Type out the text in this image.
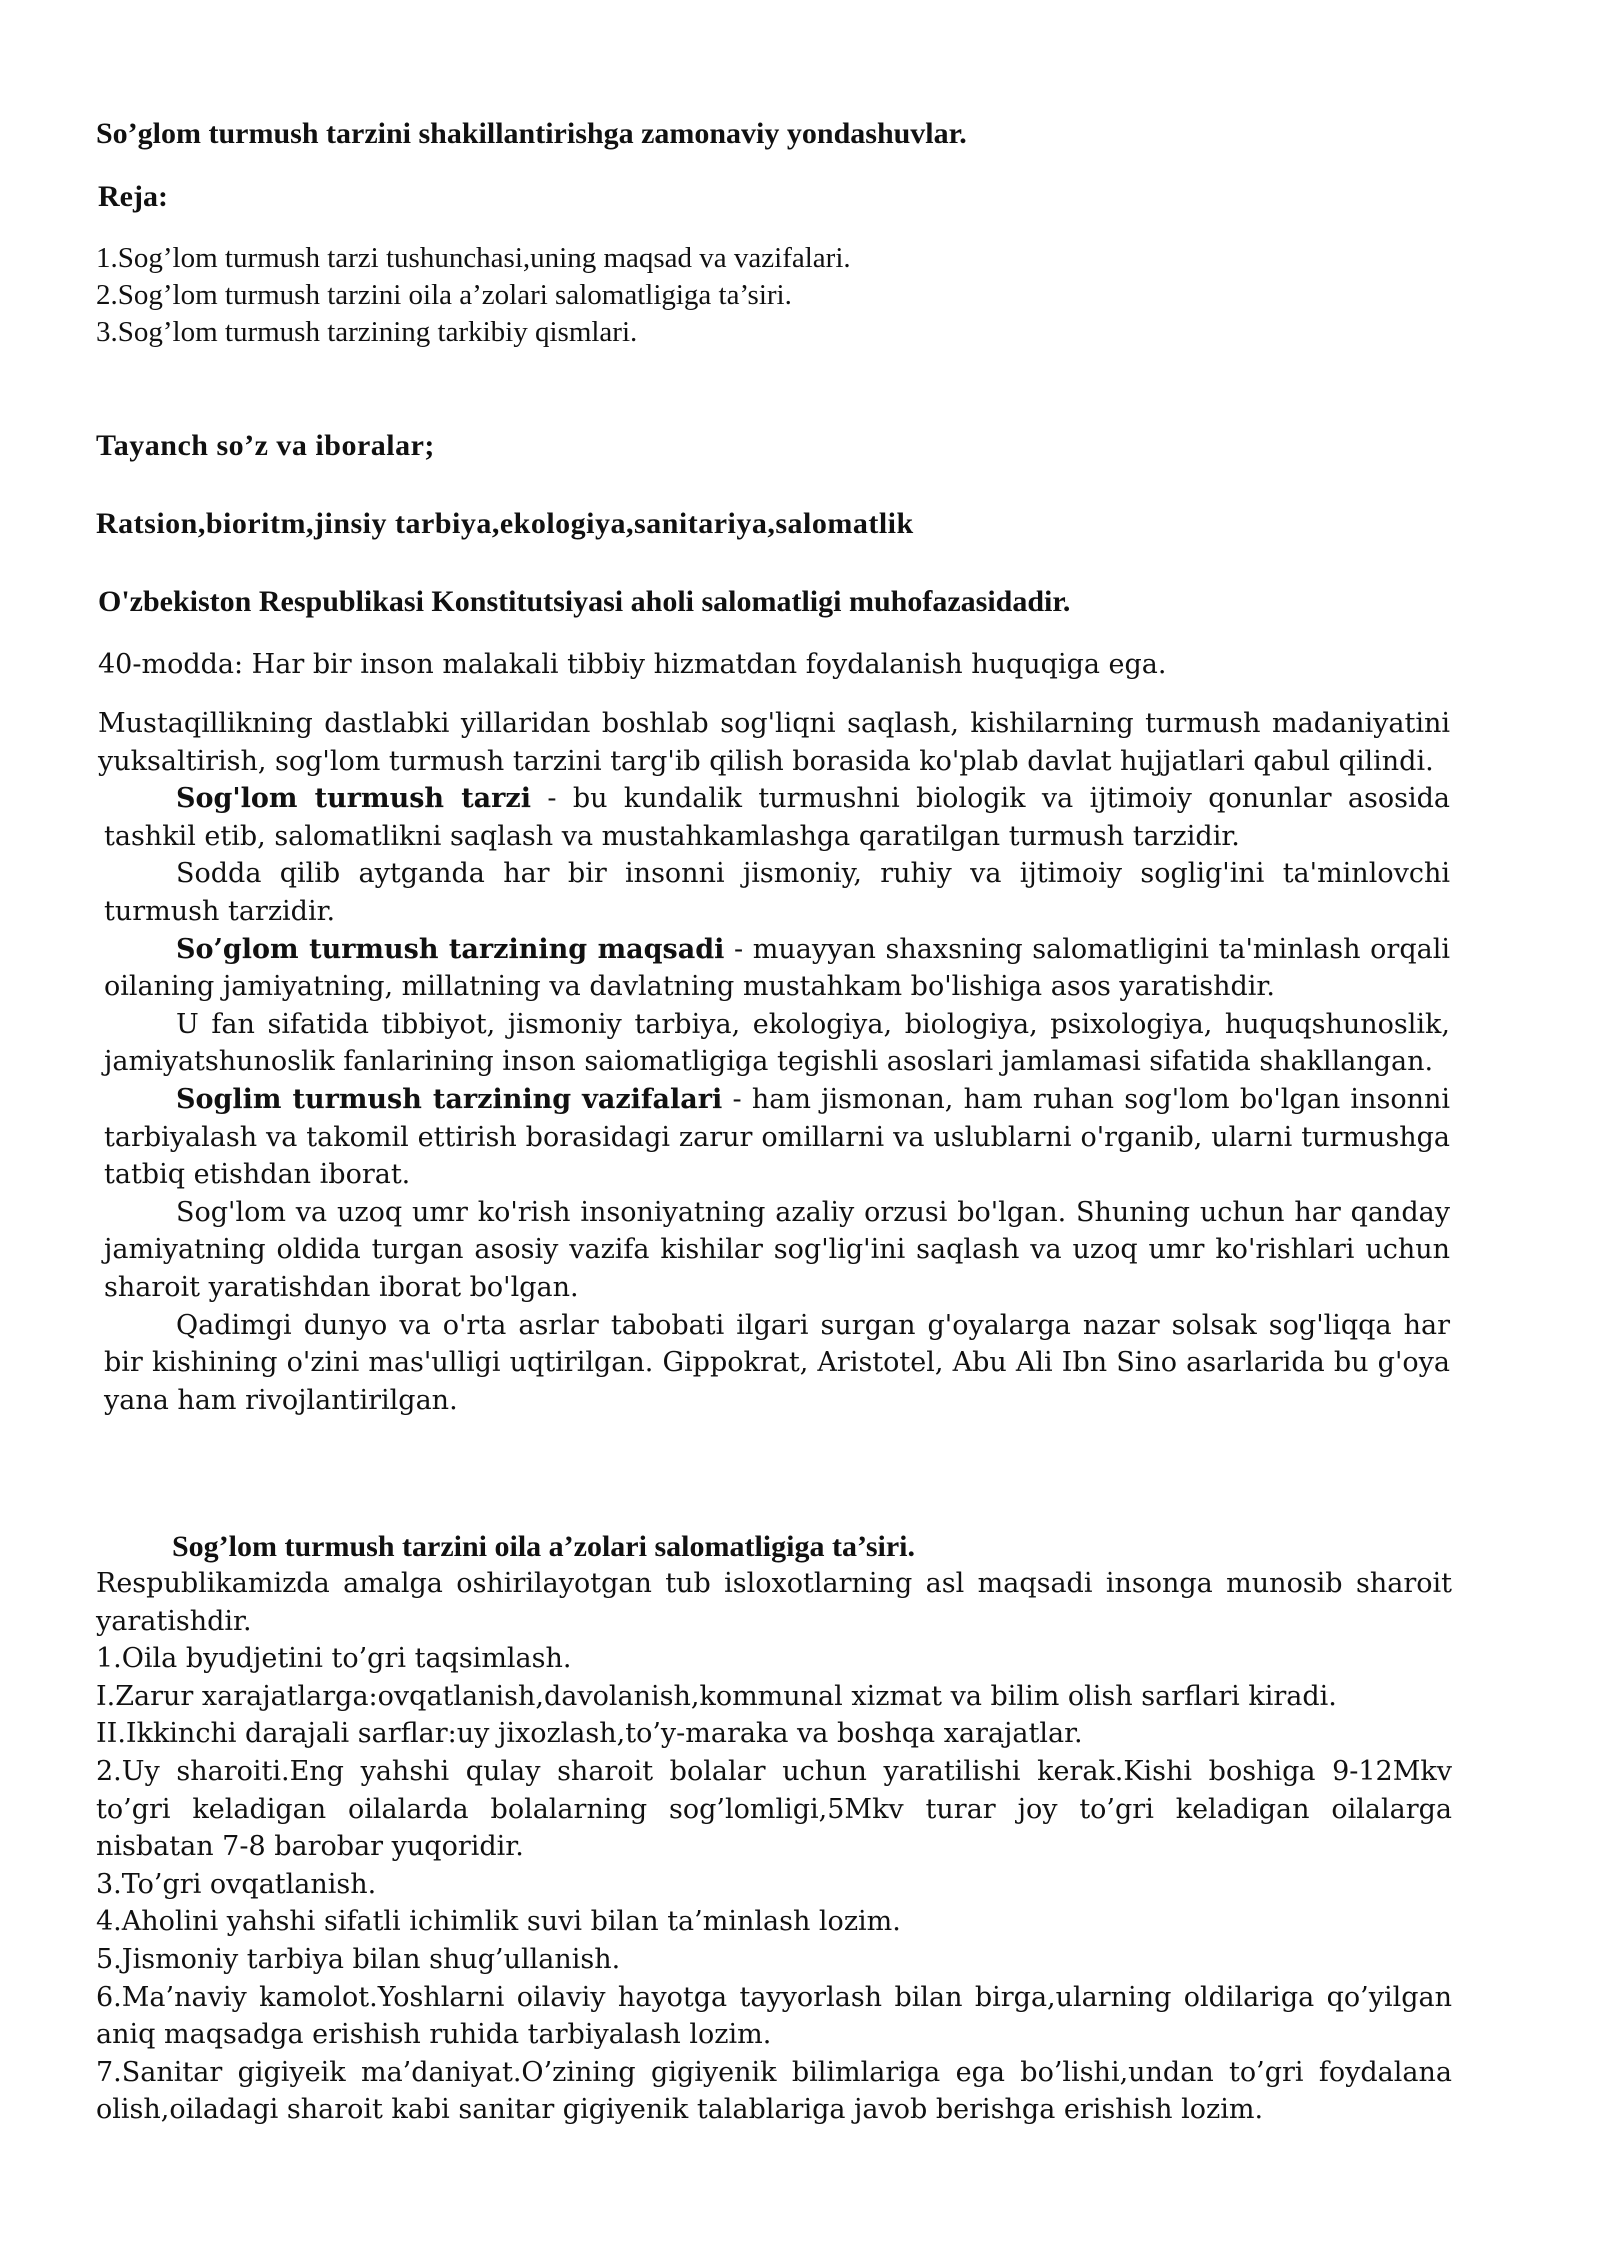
So’glom turmush tarzini shakillantirishga zamonaviy yondashuvlar.
Reja:
1.Sog’lom turmush tarzi tushunchasi,uning maqsad va vazifalari.
2.Sog’lom turmush tarzini oila a’zolari salomatligiga ta’siri.
3.Sog’lom turmush tarzining tarkibiy qismlari.
Tayanch so’z va iboralar;
Ratsion,bioritm,jinsiy tarbiya,ekologiya,sanitariya,salomatlik
O'zbekiston Respublikasi Konstitutsiyasi aholi salomatligi muhofazasidadir.
40-modda: Har bir inson malakali tibbiy hizmatdan foydalanish huquqiga ega.

Mustaqillikning dastlabki yillaridan boshlab sog'liqni saqlash, kishilarning turmush madaniyatini yuksaltirish, sog'lom turmush tarzini targ'ib qilish borasida ko'plab davlat hujjatlari qabul qilindi.

Sog'lom turmush tarzi - bu kundalik turmushni biologik va ijtimoiy qonunlar asosida tashkil etib, salomatlikni saqlash va mustahkamlashga qaratilgan turmush tarzidir.

Sodda qilib aytganda har bir insonni jismoniy, ruhiy va ijtimoiy soglig'ini ta'minlovchi turmush tarzidir.

So’glom turmush tarzining maqsadi - muayyan shaxsning salomatligini ta'minlash orqali oilaning jamiyatning, millatning va davlatning mustahkam bo'lishiga asos yaratishdir.

U fan sifatida tibbiyot, jismoniy tarbiya, ekologiya, biologiya, psixologiya, huquqshunoslik, jamiyatshunoslik fanlarining inson saiomatligiga tegishli asoslari jamlamasi sifatida shakllangan.

Soglim turmush tarzining vazifalari - ham jismonan, ham ruhan sog'lom bo'lgan insonni tarbiyalash va takomil ettirish borasidagi zarur omillarni va uslublarni o'rganib, ularni turmushga tatbiq etishdan iborat.

Sog'lom va uzoq umr ko'rish insoniyatning azaliy orzusi bo'lgan. Shuning uchun har qanday jamiyatning oldida turgan asosiy vazifa kishilar sog'lig'ini saqlash va uzoq umr ko'rishlari uchun sharoit yaratishdan iborat bo'lgan.

Qadimgi dunyo va o'rta asrlar tabobati ilgari surgan g'oyalarga nazar solsak sog'liqqa har bir kishining o'zini mas'ulligi uqtirilgan. Gippokrat, Aristotel, Abu Ali Ibn Sino asarlarida bu g'oya yana ham rivojlantirilgan.

Sog’lom turmush tarzini oila a’zolari salomatligiga ta’siri.

Respublikamizda amalga oshirilayotgan tub isloxotlarning asl maqsadi insonga munosib sharoit yaratishdir.

1.Oila byudjetini to’gri taqsimlash.

I.Zarur xarajatlarga:ovqatlanish,davolanish,kommunal xizmat va bilim olish sarflari kiradi.

II.Ikkinchi darajali sarflar:uy jixozlash,to’y-maraka va boshqa xarajatlar.

2.Uy sharoiti.Eng yahshi qulay sharoit bolalar uchun yaratilishi kerak.Kishi boshiga 9-12Mkv to’gri keladigan oilalarda bolalarning sog’lomligi,5Mkv turar joy to’gri keladigan oilalarga nisbatan 7-8 barobar yuqoridir.

3.To’gri ovqatlanish.

4.Aholini yahshi sifatli ichimlik suvi bilan ta’minlash lozim.

5.Jismoniy tarbiya bilan shug’ullanish.

6.Ma’naviy kamolot.Yoshlarni oilaviy hayotga tayyorlash bilan birga,ularning oldilariga qo’yilgan aniq maqsadga erishish ruhida tarbiyalash lozim.

7.Sanitar gigiyeik ma’daniyat.O’zining gigiyenik bilimlariga ega bo’lishi,undan to’gri foydalana olish,oiladagi sharoit kabi sanitar gigiyenik talablariga javob berishga erishish lozim.
